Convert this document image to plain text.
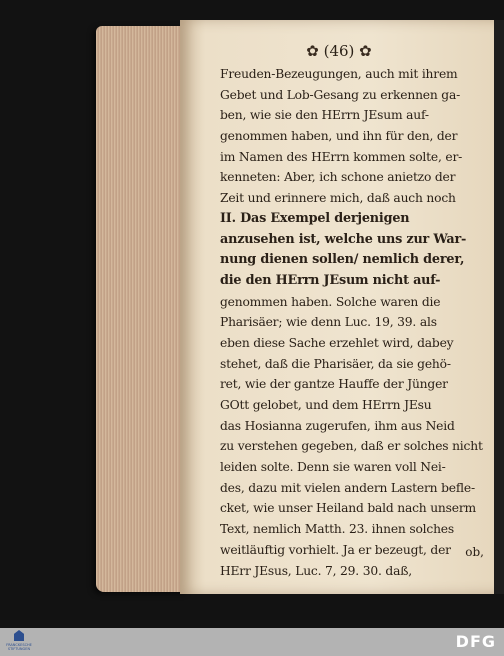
✿ (46) ✿
Freuden-Bezeugungen, auch mit ihrem
Gebet und Lob-Gesang zu erkennen ga-
ben, wie sie den HErrn JEsum auf-
genommen haben, und ihn für den, der
im Namen des HErrn kommen solte, er-
kenneten: Aber, ich schone anietzo der
Zeit und erinnere mich, daß auch noch
II. Das Exempel derjenigen
anzusehen ist, welche uns zur War-
nung dienen sollen/ nemlich derer,
die den HErrn JEsum nicht auf-
genommen haben. Solche waren die
Pharisäer; wie denn Luc. 19, 39. als
eben diese Sache erzehlet wird, dabey
stehet, daß die Pharisäer, da sie gehö-
ret, wie der gantze Hauffe der Jünger
GOtt gelobet, und dem HErrn JEsu
das Hosianna zugerufen, ihm aus Neid
zu verstehen gegeben, daß er solches nicht
leiden solte. Denn sie waren voll Nei-
des, dazu mit vielen andern Lastern befle-
cket, wie unser Heiland bald nach unserm
Text, nemlich Matth. 23. ihnen solches
weitläuftig vorhielt. Ja er bezeugt, der
HErr JEsus, Luc. 7, 29. 30. daß,
ob,
FRANCKESCHE STIFTUNGEN	DFG
